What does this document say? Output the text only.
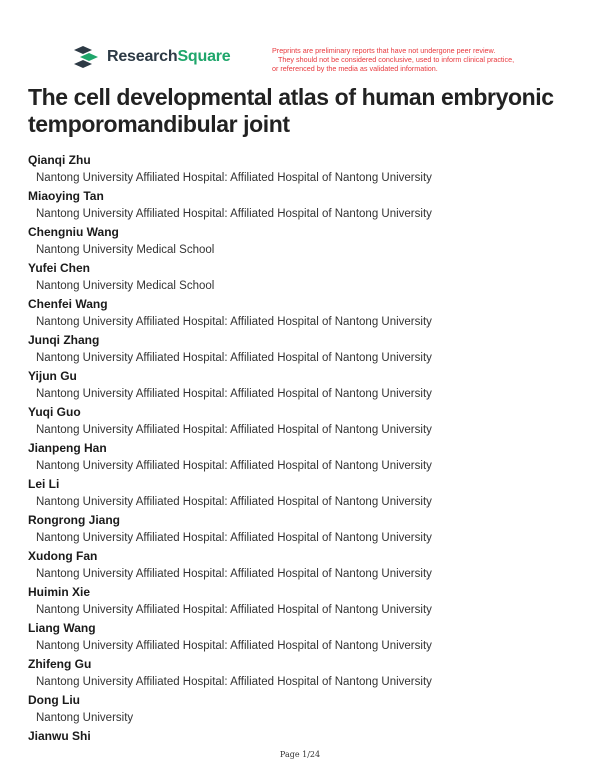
ResearchSquare	Preprints are preliminary reports that have not undergone peer review.
They should not be considered conclusive, used to inform clinical practice,
or referenced by the media as validated information.
The cell developmental atlas of human embryonic temporomandibular joint
Qianqi Zhu
Nantong University Affiliated Hospital: Affiliated Hospital of Nantong University
Miaoying Tan
Nantong University Affiliated Hospital: Affiliated Hospital of Nantong University
Chengniu Wang
Nantong University Medical School
Yufei Chen
Nantong University Medical School
Chenfei Wang
Nantong University Affiliated Hospital: Affiliated Hospital of Nantong University
Junqi Zhang
Nantong University Affiliated Hospital: Affiliated Hospital of Nantong University
Yijun Gu
Nantong University Affiliated Hospital: Affiliated Hospital of Nantong University
Yuqi Guo
Nantong University Affiliated Hospital: Affiliated Hospital of Nantong University
Jianpeng Han
Nantong University Affiliated Hospital: Affiliated Hospital of Nantong University
Lei Li
Nantong University Affiliated Hospital: Affiliated Hospital of Nantong University
Rongrong Jiang
Nantong University Affiliated Hospital: Affiliated Hospital of Nantong University
Xudong Fan
Nantong University Affiliated Hospital: Affiliated Hospital of Nantong University
Huimin Xie
Nantong University Affiliated Hospital: Affiliated Hospital of Nantong University
Liang Wang
Nantong University Affiliated Hospital: Affiliated Hospital of Nantong University
Zhifeng Gu
Nantong University Affiliated Hospital: Affiliated Hospital of Nantong University
Dong Liu
Nantong University
Jianwu Shi
Page 1/24
